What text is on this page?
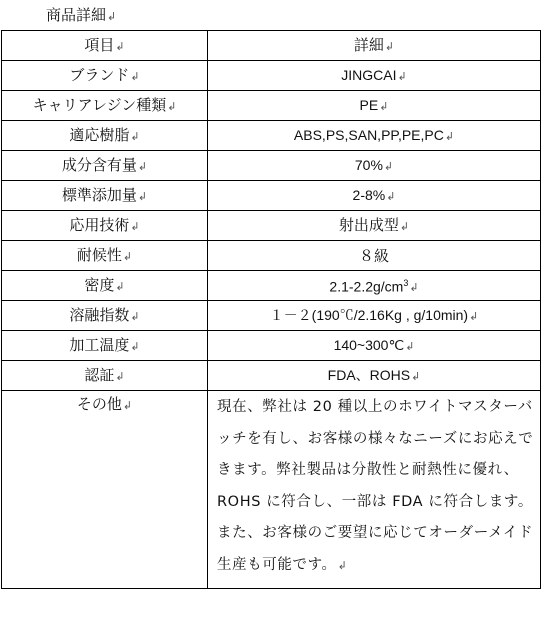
商品詳細↲
項目↲	詳細↲
ブランド↲	JINGCAI↲
キャリアレジン種類↲	PE↲
適応樹脂↲	ABS,PS,SAN,PP,PE,PC↲
成分含有量↲	70%↲
標準添加量↲	2-8%↲
応用技術↲	射出成型↲
耐候性↲	８級
密度↲	$2.1-2.2g/cm^3↲$
溶融指数↲	１－２(190℃/2.16Kg , g/10min)↲
加工温度↲	140~300℃↲
認証↲	FDA、ROHS↲
その他↲	現在、弊社は 20 種以上のホワイトマスターバッチを有し、お客様の様々なニーズにお応えできます。弊社製品は分散性と耐熱性に優れ、ROHS に符合し、一部は FDA に符合します。また、お客様のご要望に応じてオーダーメイド生産も可能です。↲
